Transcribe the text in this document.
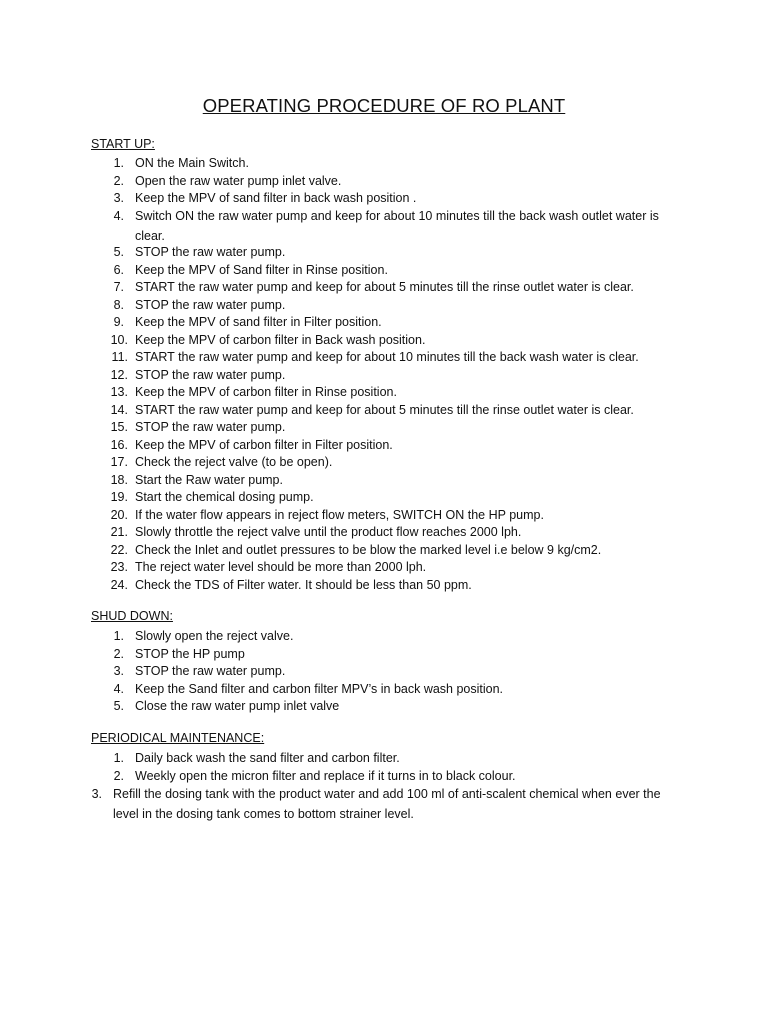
OPERATING PROCEDURE OF RO PLANT
START UP:
1. ON the Main Switch.
2. Open the raw water pump inlet valve.
3. Keep the MPV of sand filter in back wash position .
4. Switch ON the raw water pump and keep for about 10 minutes till the back wash outlet water is clear.
5. STOP the raw water pump.
6. Keep the MPV of Sand filter in Rinse position.
7. START the raw water pump and keep for about 5 minutes till the rinse outlet water is clear.
8. STOP the raw water pump.
9. Keep the MPV of sand filter in Filter position.
10. Keep the MPV of carbon filter in Back wash position.
11. START the raw water pump and keep for about 10 minutes till the back wash water is clear.
12. STOP the raw water pump.
13. Keep the MPV of carbon filter in Rinse position.
14. START the raw water pump and keep for about 5 minutes till the rinse outlet water is clear.
15. STOP the raw water pump.
16. Keep the MPV of carbon filter in Filter position.
17. Check the reject valve (to be open).
18. Start the Raw water pump.
19. Start the chemical dosing pump.
20. If the water flow appears in reject flow meters, SWITCH ON the HP pump.
21. Slowly throttle the reject valve until the product flow reaches 2000 lph.
22. Check the Inlet and outlet pressures to be blow the marked level i.e below 9 kg/cm2.
23. The reject water level should be more than 2000 lph.
24. Check the TDS of Filter water. It should be less than 50 ppm.
SHUD DOWN:
1. Slowly open the reject valve.
2. STOP the HP pump
3. STOP the raw water pump.
4. Keep the Sand filter and carbon filter MPV’s in back wash position.
5. Close the raw water pump inlet valve
PERIODICAL MAINTENANCE:
1. Daily back wash the sand filter and carbon filter.
2. Weekly open the micron filter and replace if it turns in to black colour.
3. Refill the dosing tank with the product water and add 100 ml of anti-scalent chemical when ever the level in the dosing tank comes to bottom strainer level.
